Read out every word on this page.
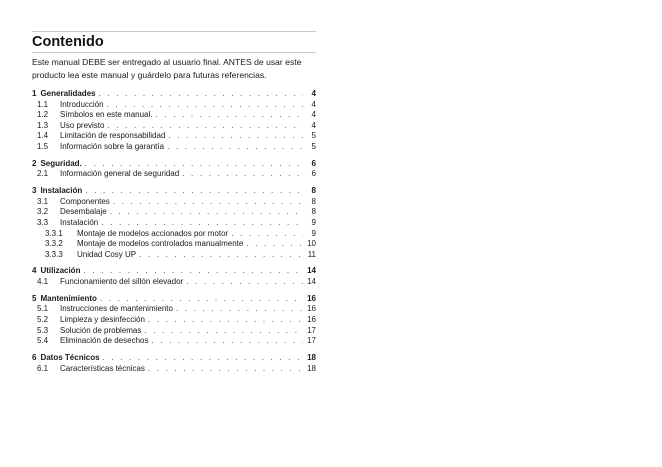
Contenido
Este manual DEBE ser entregado al usuario final. ANTES de usar este producto lea este manual y guárdelo para futuras referencias.
1 Generalidades . . .	4
1.1	Introducción . . .	4
1.2	Símbolos en este manual. . . .	4
1.3	Uso previsto . . .	4
1.4	Limitación de responsabilidad . . .	5
1.5	Información sobre la garantía . . .	5
2 Seguridad. . . .	6
2.1	Información general de seguridad . . .	6
3 Instalación . . .	8
3.1	Componentes . . .	8
3.2	Desembalaje . . .	8
3.3	Instalación . . .	9
3.3.1	Montaje de modelos accionados por motor . . .	9
3.3.2	Montaje de modelos controlados manualmente . . .	10
3.3.3	Unidad Cosy UP . . .	11
4 Utilización . . .	14
4.1	Funcionamiento del sillón elevador . . .	14
5 Mantenimiento . . .	16
5.1	Instrucciones de mantenimiento . . .	16
5.2	Limpieza y desinfección . . .	16
5.3	Solución de problemas . . .	17
5.4	Eliminación de desechos . . .	17
6 Datos Técnicos . . .	18
6.1	Características técnicas . . .	18
